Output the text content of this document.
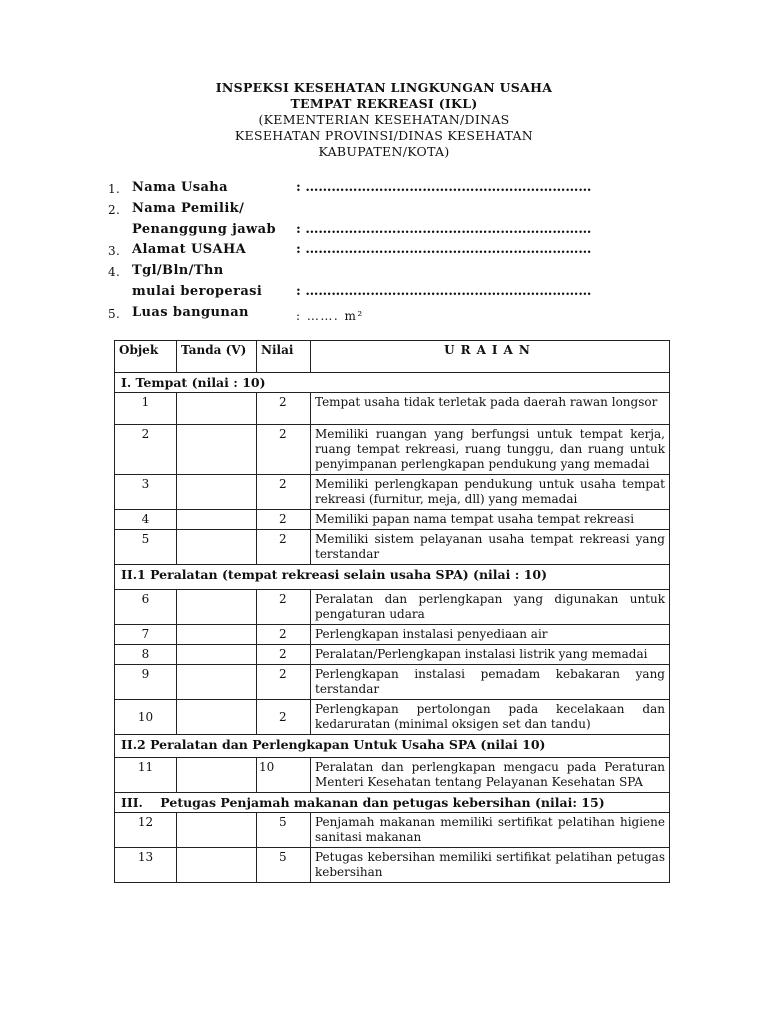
INSPEKSI KESEHATAN LINGKUNGAN USAHA
TEMPAT REKREASI (IKL)
(KEMENTERIAN KESEHATAN/DINAS
KESEHATAN PROVINSI/DINAS KESEHATAN
KABUPATEN/KOTA)
1. Nama Usaha	: …………………………………………………………
2. Nama Pemilik/
Penanggung jawab : …………………………………………………………
3. Alamat USAHA	: …………………………………………………………
4. Tgl/Bln/Thn
mulai beroperasi	: …………………………………………………………
5. Luas bangunan	: ……. m²
Objek	Tanda (V)	Nilai	URAIAN
I. Tempat (nilai : 10)			
1		2	Tempat usaha tidak terletak pada daerah rawan longsor
2		2	Memiliki ruangan yang berfungsi untuk tempat kerja, ruang tempat rekreasi, ruang tunggu, dan ruang untuk penyimpanan perlengkapan pendukung yang memadai
3		2	Memiliki perlengkapan pendukung untuk usaha tempat rekreasi (furnitur, meja, dll) yang memadai
4		2	Memiliki papan nama tempat usaha tempat rekreasi
5		2	Memiliki sistem pelayanan usaha tempat rekreasi yang terstandar
II.1 Peralatan (tempat rekreasi selain usaha SPA) (nilai : 10)			
6		2	Peralatan dan perlengkapan yang digunakan untuk pengaturan udara
7		2	Perlengkapan instalasi penyediaan air
8		2	Peralatan/Perlengkapan instalasi listrik yang memadai
9		2	Perlengkapan instalasi pemadam kebakaran yang terstandar
10		2	Perlengkapan pertolongan pada kecelakaan dan kedaruratan (minimal oksigen set dan tandu)
II.2 Peralatan dan Perlengkapan Untuk Usaha SPA (nilai 10)			
11		10	Peralatan dan perlengkapan mengacu pada Peraturan Menteri Kesehatan tentang Pelayanan Kesehatan SPA
III.    Petugas Penjamah makanan dan petugas kebersihan (nilai: 15)			
12		5	Penjamah makanan memiliki sertifikat pelatihan higiene sanitasi makanan
13		5	Petugas kebersihan memiliki sertifikat pelatihan petugas kebersihan
